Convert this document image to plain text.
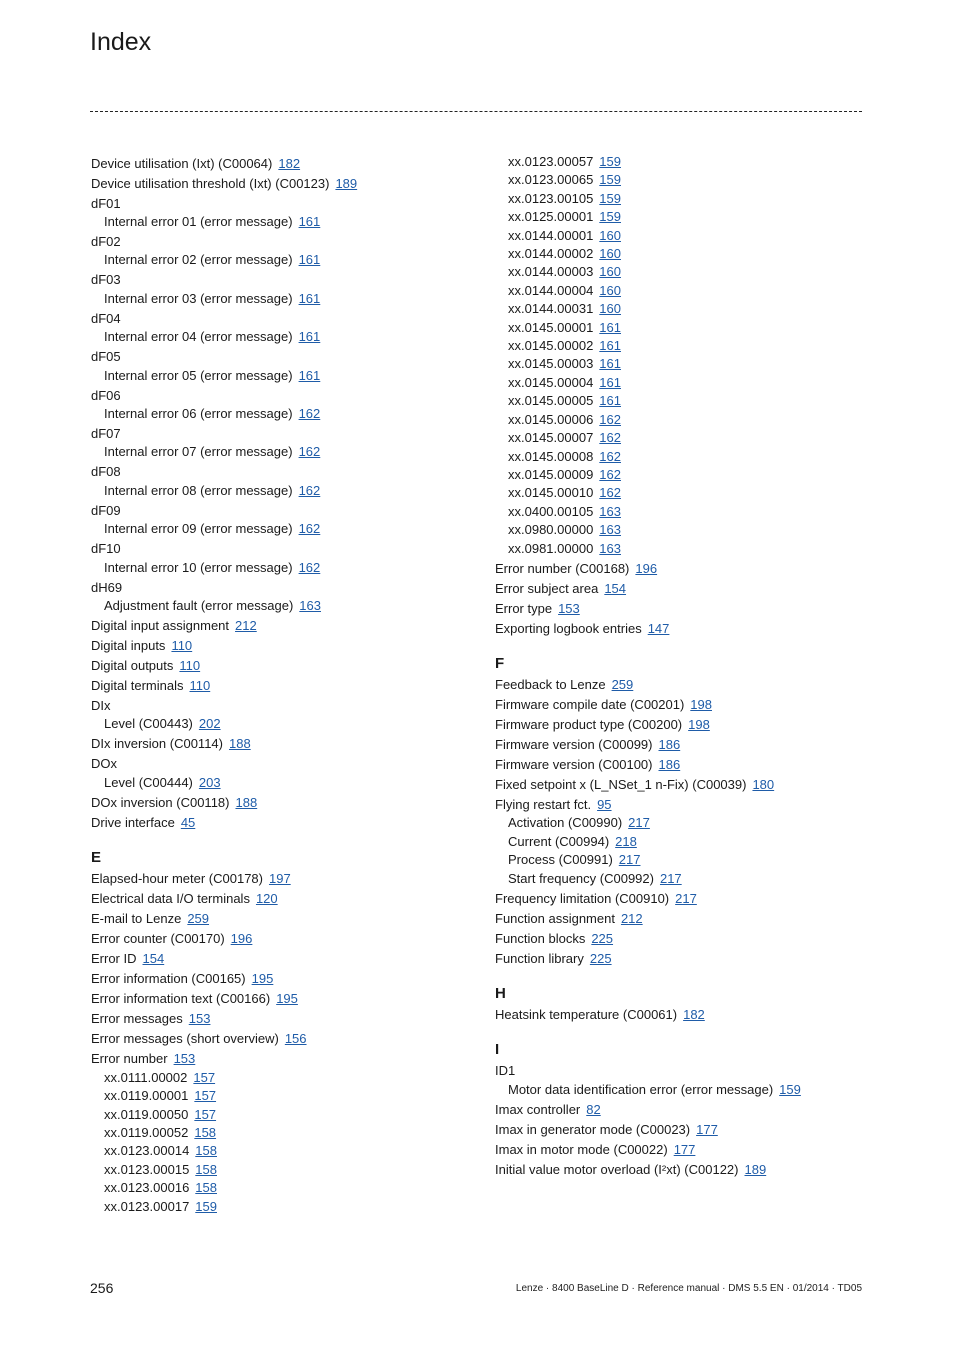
Index
Device utilisation (Ixt) (C00064) 182
Device utilisation threshold (Ixt) (C00123) 189
dF01
Internal error 01 (error message) 161
dF02
Internal error 02 (error message) 161
dF03
Internal error 03 (error message) 161
dF04
Internal error 04 (error message) 161
dF05
Internal error 05 (error message) 161
dF06
Internal error 06 (error message) 162
dF07
Internal error 07 (error message) 162
dF08
Internal error 08 (error message) 162
dF09
Internal error 09 (error message) 162
dF10
Internal error 10 (error message) 162
dH69
Adjustment fault (error message) 163
Digital input assignment 212
Digital inputs 110
Digital outputs 110
Digital terminals 110
DIx
Level (C00443) 202
DIx inversion (C00114) 188
DOx
Level (C00444) 203
DOx inversion (C00118) 188
Drive interface 45
E
Elapsed-hour meter (C00178) 197
Electrical data I/O terminals 120
E-mail to Lenze 259
Error counter (C00170) 196
Error ID 154
Error information (C00165) 195
Error information text (C00166) 195
Error messages 153
Error messages (short overview) 156
Error number 153
xx.0111.00002 157
xx.0119.00001 157
xx.0119.00050 157
xx.0119.00052 158
xx.0123.00014 158
xx.0123.00015 158
xx.0123.00016 158
xx.0123.00017 159
xx.0123.00057 159
xx.0123.00065 159
xx.0123.00105 159
xx.0125.00001 159
xx.0144.00001 160
xx.0144.00002 160
xx.0144.00003 160
xx.0144.00004 160
xx.0144.00031 160
xx.0145.00001 161
xx.0145.00002 161
xx.0145.00003 161
xx.0145.00004 161
xx.0145.00005 161
xx.0145.00006 162
xx.0145.00007 162
xx.0145.00008 162
xx.0145.00009 162
xx.0145.00010 162
xx.0400.00105 163
xx.0980.00000 163
xx.0981.00000 163
Error number (C00168) 196
Error subject area 154
Error type 153
Exporting logbook entries 147
F
Feedback to Lenze 259
Firmware compile date (C00201) 198
Firmware product type (C00200) 198
Firmware version (C00099) 186
Firmware version (C00100) 186
Fixed setpoint x (L_NSet_1 n-Fix) (C00039) 180
Flying restart fct. 95
Activation (C00990) 217
Current (C00994) 218
Process (C00991) 217
Start frequency (C00992) 217
Frequency limitation (C00910) 217
Function assignment 212
Function blocks 225
Function library 225
H
Heatsink temperature (C00061) 182
I
ID1
Motor data identification error (error message) 159
Imax controller 82
Imax in generator mode (C00023) 177
Imax in motor mode (C00022) 177
Initial value motor overload (I²xt) (C00122) 189
256	Lenze · 8400 BaseLine D · Reference manual · DMS 5.5 EN · 01/2014 · TD05
